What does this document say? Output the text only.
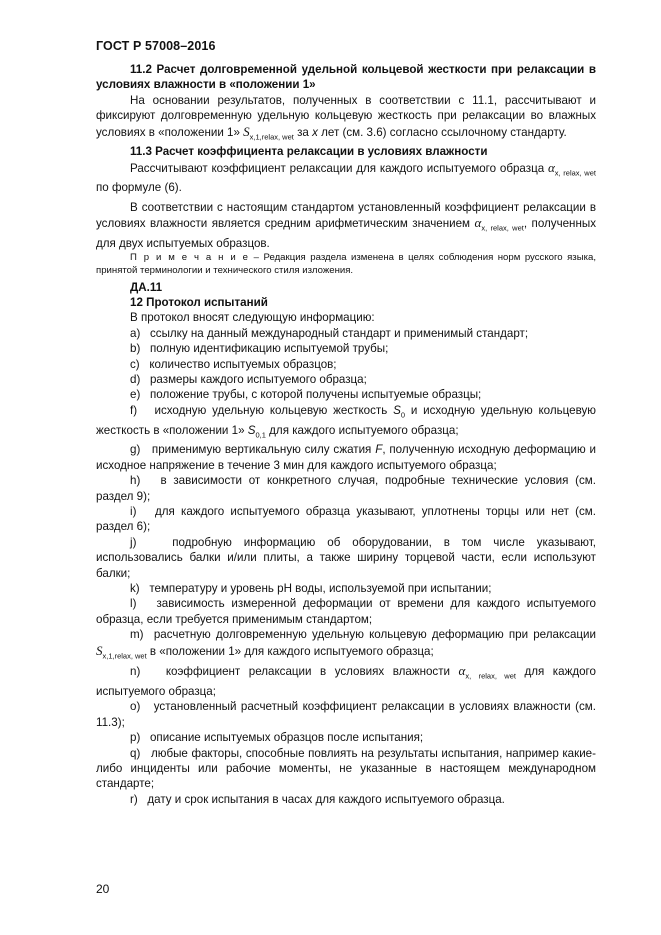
ГОСТ Р 57008–2016

11.2 Расчет долговременной удельной кольцевой жесткости при релаксации в условиях влажности в «положении 1»

На основании результатов, полученных в соответствии с 11.1, рассчитывают и фиксируют долговременную удельную кольцевую жесткость при релаксации во влажных условиях в «положении 1» $S_{x,1,relax, wet}$ за x лет (см. 3.6) согласно ссылочному стандарту.

11.3 Расчет коэффициента релаксации в условиях влажности

Рассчитывают коэффициент релаксации для каждого испытуемого образца $\alpha_{x, relax, wet}$ по формуле (6).

В соответствии с настоящим стандартом установленный коэффициент релаксации в условиях влажности является средним арифметическим значением $\alpha_{x, relax, wet}$, полученных для двух испытуемых образцов.

П р и м е ч а н и е – Редакция раздела изменена в целях соблюдения норм русского языка, принятой терминологии и технического стиля изложения.

ДА.11

12 Протокол испытаний

В протокол вносят следующую информацию:

a)   ссылку на данный международный стандарт и применимый стандарт;

b)   полную идентификацию испытуемой трубы;

c)   количество испытуемых образцов;

d)   размеры каждого испытуемого образца;

e)   положение трубы, с которой получены испытуемые образцы;

f)   исходную удельную кольцевую жесткость $S_0$ и исходную удельную кольцевую жесткость в «положении 1» $S_{0,1}$ для каждого испытуемого образца;

g)   применимую вертикальную силу сжатия F, полученную исходную деформацию и исходное напряжение в течение 3 мин для каждого испытуемого образца;

h)   в зависимости от конкретного случая, подробные технические условия (см. раздел 9);

i)   для каждого испытуемого образца указывают, уплотнены торцы или нет (см. раздел 6);

j)   подробную информацию об оборудовании, в том числе указывают, использовались балки и/или плиты, а также ширину торцевой части, если используют балки;

k)   температуру и уровень pH воды, используемой при испытании;

l)   зависимость измеренной деформации от времени для каждого испытуемого образца, если требуется применимым стандартом;

m)  расчетную долговременную удельную кольцевую деформацию при релаксации $S_{x,1,relax, wet}$ в «положении 1» для каждого испытуемого образца;

n)   коэффициент релаксации в условиях влажности $\alpha_{x, relax, wet}$ для каждого испытуемого образца;

o)   установленный расчетный коэффициент релаксации в условиях влажности (см. 11.3);

p)   описание испытуемых образцов после испытания;

q)   любые факторы, способные повлиять на результаты испытания, например какие-либо инциденты или рабочие моменты, не указанные в настоящем международном стандарте;

r)   дату и срок испытания в часах для каждого испытуемого образца.

20
